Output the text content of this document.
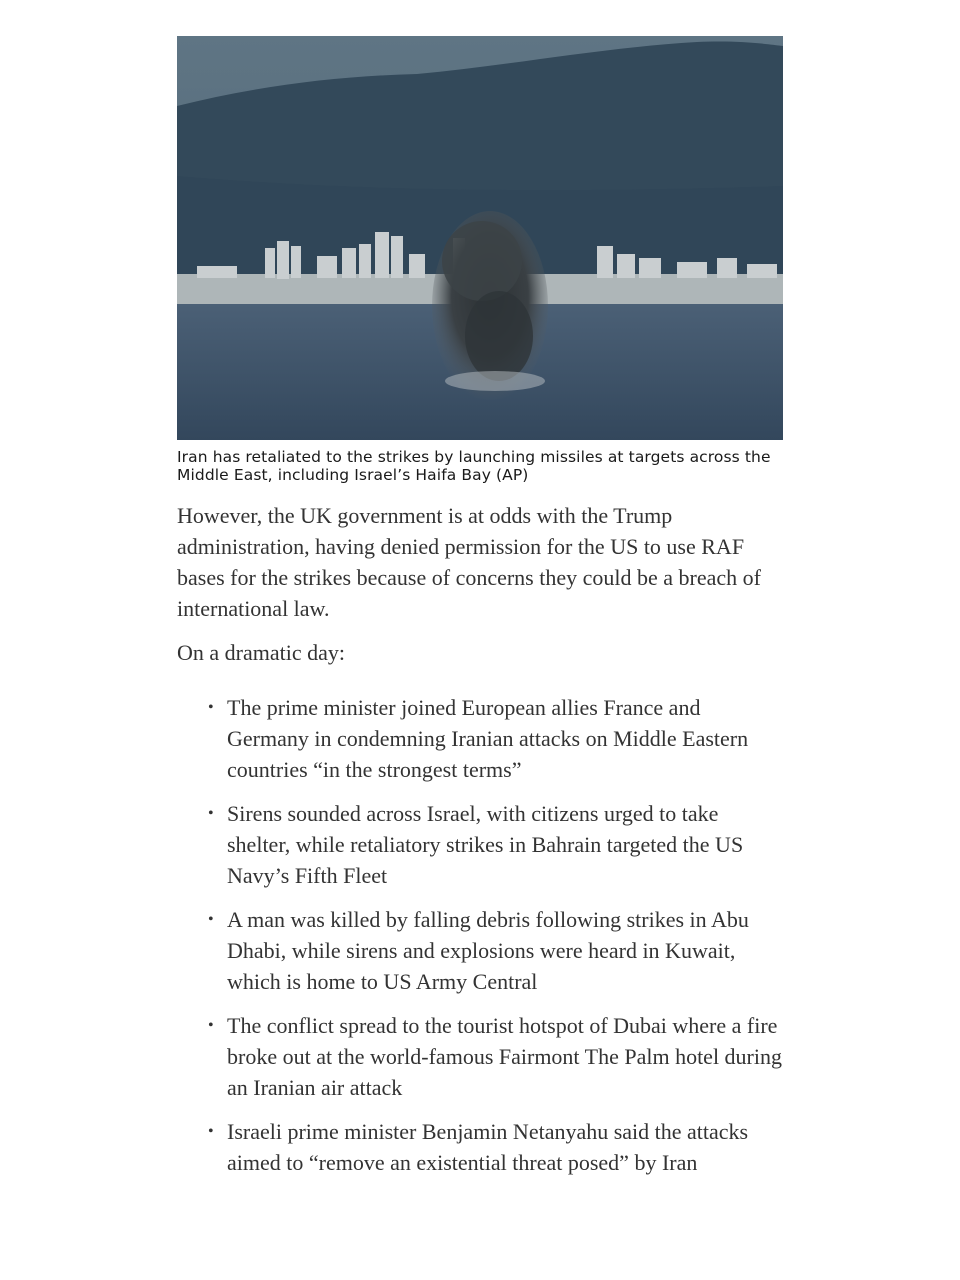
Iran has retaliated to the strikes by launching missiles at targets across the Middle East, including Israel’s Haifa Bay (AP)

However, the UK government is at odds with the Trump administration, having denied permission for the US to use RAF bases for the strikes because of concerns they could be a breach of international law.

On a dramatic day:

• The prime minister joined European allies France and Germany in condemning Iranian attacks on Middle Eastern countries “in the strongest terms”
• Sirens sounded across Israel, with citizens urged to take shelter, while retaliatory strikes in Bahrain targeted the US Navy’s Fifth Fleet
• A man was killed by falling debris following strikes in Abu Dhabi, while sirens and explosions were heard in Kuwait, which is home to US Army Central
• The conflict spread to the tourist hotspot of Dubai where a fire broke out at the world-famous Fairmont The Palm hotel during an Iranian air attack
• Israeli prime minister Benjamin Netanyahu said the attacks aimed to “remove an existential threat posed” by Iran
